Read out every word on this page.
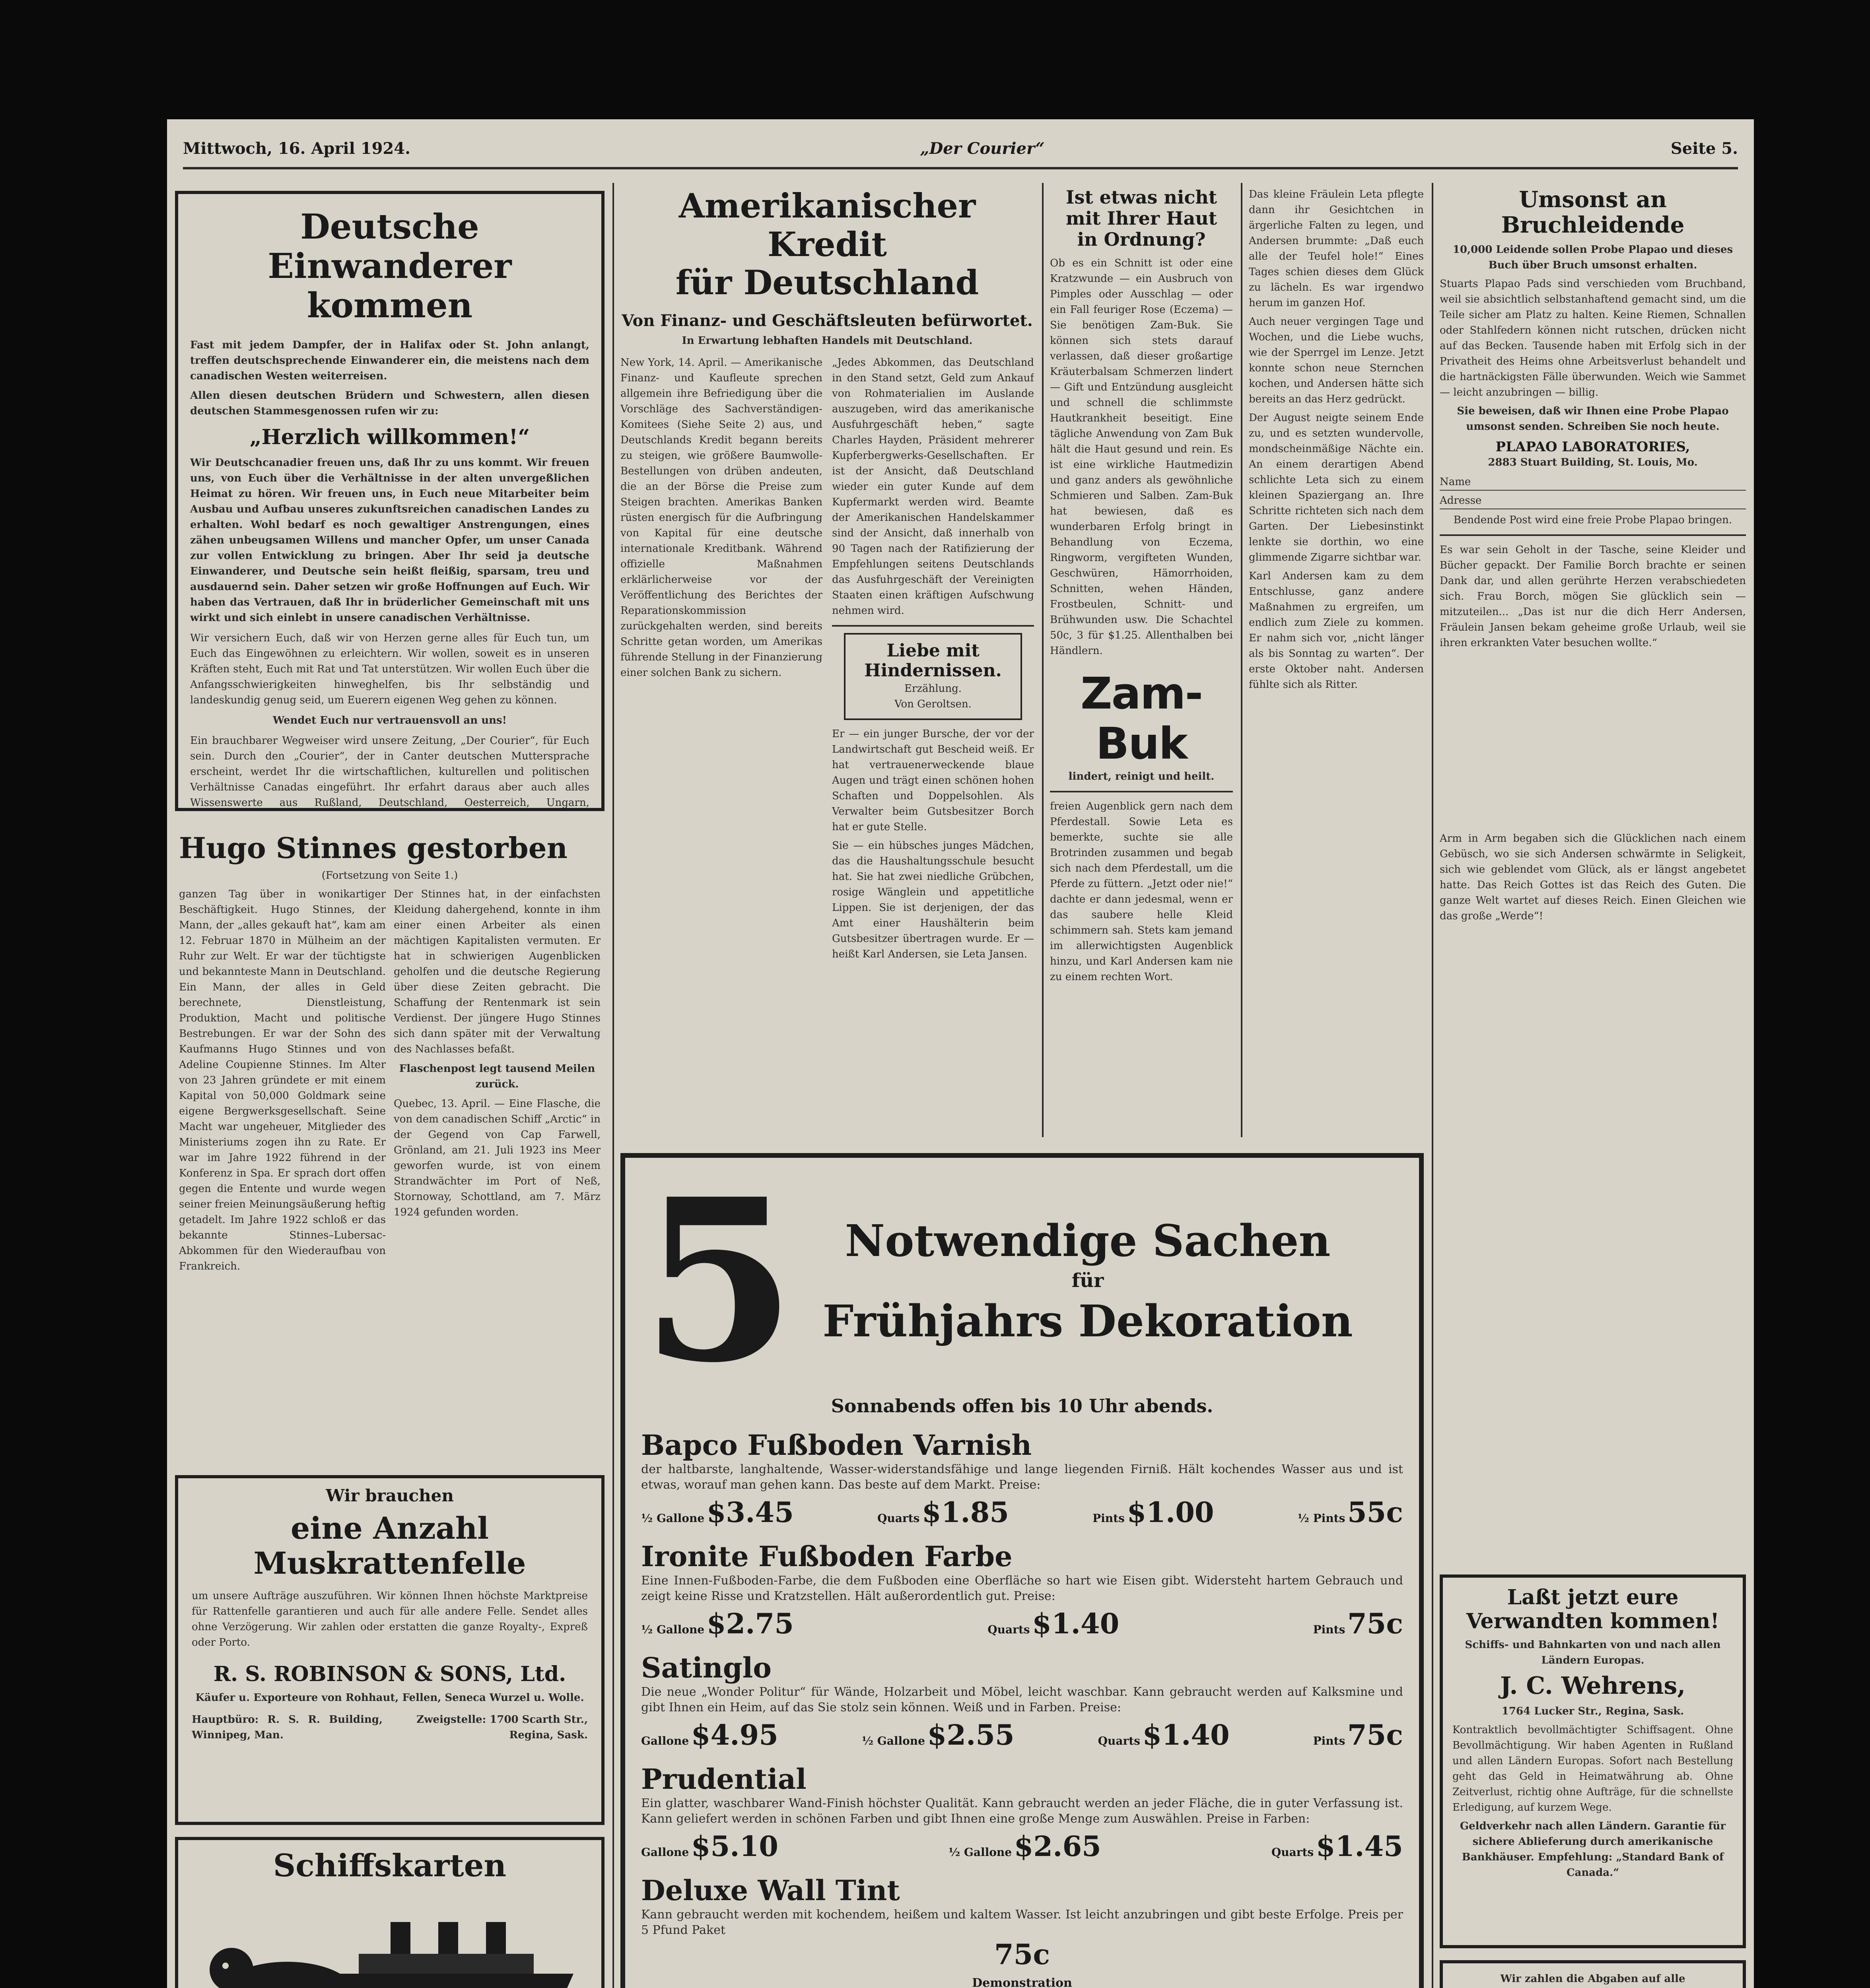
Mittwoch, 16. April 1924.	„Der Courier“	Seite 5.
Deutsche Einwanderer kommen
Fast mit jedem Dampfer, der in Halifax oder St. John anlangt, treffen deutschsprechende Einwanderer ein, die meistens nach dem canadischen Westen weiterreisen.
Allen diesen deutschen Brüdern und Schwestern, allen diesen deutschen Stammesgenossen rufen wir zu:
„Herzlich willkommen!“
Wir Deutschcanadier freuen uns, daß Ihr zu uns kommt. Wir freuen uns, von Euch über die Verhältnisse in der alten unvergeßlichen Heimat zu hören. Wir freuen uns, in Euch neue Mitarbeiter beim Ausbau und Aufbau unseres zukunftsreichen canadischen Landes zu erhalten. Wohl bedarf es noch gewaltiger Anstrengungen, eines zähen unbeugsamen Willens und mancher Opfer, um unser Canada zur vollen Entwicklung zu bringen. Aber Ihr seid ja deutsche Einwanderer, und Deutsche sein heißt fleißig, sparsam, treu und ausdauernd sein. Daher setzen wir große Hoffnungen auf Euch. Wir haben das Vertrauen, daß Ihr in brüderlicher Gemeinschaft mit uns wirkt und sich einlebt in unsere canadischen Verhältnisse.
Wir versichern Euch, daß wir von Herzen gerne alles für Euch tun, um Euch das Eingewöhnen zu erleichtern. Wir wollen, soweit es in unseren Kräften steht, Euch mit Rat und Tat unterstützen. Wir wollen Euch über die Anfangsschwierigkeiten hinweghelfen, bis Ihr selbständig und landeskundig genug seid, um Euerern eigenen Weg gehen zu können.
Wendet Euch nur vertrauensvoll an uns!
Ein brauchbarer Wegweiser wird unsere Zeitung, „Der Courier“, für Euch sein. Durch den „Courier“, der in Canter deutschen Muttersprache erscheint, werdet Ihr die wirtschaftlichen, kulturellen und politischen Verhältnisse Canadas eingeführt. Ihr erfahrt daraus aber auch alles Wissenswerte aus Rußland, Deutschland, Oesterreich, Ungarn,
Hugo Stinnes gestorben
(Fortsetzung von Seite 1.)
ganzen Tag über in wonikartiger Beschäftigkeit. Hugo Stinnes, der Mann, der „alles gekauft hat“, kam am 12. Februar 1870 in Mülheim an der Ruhr zur Welt. Er war der tüchtigste und bekannteste Mann in Deutschland. Ein Mann, der alles in Geld berechnete, Dienstleistung, Produktion, Macht und politische Bestrebungen. Er war der Sohn des Kaufmanns Hugo Stinnes und von Adeline Coupienne Stinnes. Im Alter von 23 Jahren gründete er mit einem Kapital von 50,000 Goldmark seine eigene Bergwerksgesellschaft. Seine Macht war ungeheuer, Mitglieder des Ministeriums zogen ihn zu Rate. Er war im Jahre 1922 führend in der Konferenz in Spa. Er sprach dort offen gegen die Entente und wurde wegen seiner freien Meinungsäußerung heftig getadelt. Im Jahre 1922 schloß er das bekannte Stinnes–Lubersac-Abkommen für den Wiederaufbau von Frankreich.
Der Stinnes hat, in der einfachsten Kleidung dahergehend, konnte in ihm einer einen Arbeiter als einen mächtigen Kapitalisten vermuten. Er hat in schwierigen Augenblicken geholfen und die deutsche Regierung über diese Zeiten gebracht. Die Schaffung der Rentenmark ist sein Verdienst. Der jüngere Hugo Stinnes sich dann später mit der Verwaltung des Nachlasses befaßt.
Flaschenpost legt tausend Meilen zurück.
Quebec, 13. April. — Eine Flasche, die von dem canadischen Schiff „Arctic“ in der Gegend von Cap Farwell, Grönland, am 21. Juli 1923 ins Meer geworfen wurde, ist von einem Strandwächter im Port of Neß, Stornoway, Schottland, am 7. März 1924 gefunden worden.
Wir brauchen
eine Anzahl Muskrattenfelle
um unsere Aufträge auszuführen. Wir können Ihnen höchste Marktpreise für Rattenfelle garantieren und auch für alle andere Felle. Sendet alles ohne Verzögerung. Wir zahlen oder erstatten die ganze Royalty-, Expreß oder Porto.
R. S. ROBINSON & SONS, Ltd.
Käufer u. Exporteure von Rohhaut, Fellen, Seneca Wurzel u. Wolle.
Hauptbüro: R. S. R. Building, Winnipeg, Man.
Zweigstelle: 1700 Scarth Str., Regina, Sask.
Schiffskarten
Amerikanischer Kredit
für Deutschland
Von Finanz- und Geschäftsleuten befürwortet.
In Erwartung lebhaften Handels mit Deutschland.
New York, 14. April. — Amerikanische Finanz- und Kaufleute sprechen allgemein ihre Befriedigung über die Vorschläge des Sachverständigen-Komitees (Siehe Seite 2) aus, und Deutschlands Kredit begann bereits zu steigen, wie größere Baumwolle-Bestellungen von drüben andeuten, die an der Börse die Preise zum Steigen brachten. Amerikas Banken rüsten energisch für die Aufbringung von Kapital für eine deutsche internationale Kreditbank. Während offizielle Maßnahmen erklärlicherweise vor der Veröffentlichung des Berichtes der Reparationskommission zurückgehalten werden, sind bereits Schritte getan worden, um Amerikas führende Stellung in der Finanzierung einer solchen Bank zu sichern.
„Jedes Abkommen, das Deutschland in den Stand setzt, Geld zum Ankauf von Rohmaterialien im Auslande auszugeben, wird das amerikanische Ausfuhrgeschäft heben,“ sagte Charles Hayden, Präsident mehrerer Kupferbergwerks-Gesellschaften. Er ist der Ansicht, daß Deutschland wieder ein guter Kunde auf dem Kupfermarkt werden wird. Beamte der Amerikanischen Handelskammer sind der Ansicht, daß innerhalb von 90 Tagen nach der Ratifizierung der Empfehlungen seitens Deutschlands das Ausfuhrgeschäft der Vereinigten Staaten einen kräftigen Aufschwung nehmen wird.
Liebe mit Hindernissen.
Erzählung.
Von Geroltsen.
Er — ein junger Bursche, der vor der Landwirtschaft gut Bescheid weiß. Er hat vertrauenerweckende blaue Augen und trägt einen schönen hohen Schaften und Doppelsohlen. Als Verwalter beim Gutsbesitzer Borch hat er gute Stelle.
Sie — ein hübsches junges Mädchen, das die Haushaltungsschule besucht hat. Sie hat zwei niedliche Grübchen, rosige Wänglein und appetitliche Lippen. Sie ist derjenigen, der das Amt einer Haushälterin beim Gutsbesitzer übertragen wurde. Er — heißt Karl Andersen, sie Leta Jansen.
Ist etwas nicht
mit Ihrer Haut
in Ordnung?
Ob es ein Schnitt ist oder eine Kratzwunde — ein Ausbruch von Pimples oder Ausschlag — oder ein Fall feuriger Rose (Eczema) — Sie benötigen Zam-Buk. Sie können sich stets darauf verlassen, daß dieser großartige Kräuterbalsam Schmerzen lindert — Gift und Entzündung ausgleicht und schnell die schlimmste Hautkrankheit beseitigt. Eine tägliche Anwendung von Zam Buk hält die Haut gesund und rein. Es ist eine wirkliche Hautmedizin und ganz anders als gewöhnliche Schmieren und Salben. Zam-Buk hat bewiesen, daß es wunderbaren Erfolg bringt in Behandlung von Eczema, Ringworm, vergifteten Wunden, Geschwüren, Hämorrhoiden, Schnitten, wehen Händen, Frostbeulen, Schnitt- und Brühwunden usw. Die Schachtel 50c, 3 für $1.25. Allenthalben bei Händlern.
Zam-Buk
lindert, reinigt und heilt.
freien Augenblick gern nach dem Pferdestall. Sowie Leta es bemerkte, suchte sie alle Brotrinden zusammen und begab sich nach dem Pferdestall, um die Pferde zu füttern. „Jetzt oder nie!“ dachte er dann jedesmal, wenn er das saubere helle Kleid schimmern sah. Stets kam jemand im allerwichtigsten Augenblick hinzu, und Karl Andersen kam nie zu einem rechten Wort.
Das kleine Fräulein Leta pflegte dann ihr Gesichtchen in ärgerliche Falten zu legen, und Andersen brummte: „Daß euch alle der Teufel hole!“ Eines Tages schien dieses dem Glück zu lächeln. Es war irgendwo herum im ganzen Hof.
Auch neuer vergingen Tage und Wochen, und die Liebe wuchs, wie der Sperrgel im Lenze. Jetzt konnte schon neue Sternchen kochen, und Andersen hätte sich bereits an das Herz gedrückt.
Der August neigte seinem Ende zu, und es setzten wundervolle, mondscheinmäßige Nächte ein. An einem derartigen Abend schlichte Leta sich zu einem kleinen Spaziergang an. Ihre Schritte richteten sich nach dem Garten. Der Liebesinstinkt lenkte sie dorthin, wo eine glimmende Zigarre sichtbar war.
Karl Andersen kam zu dem Entschlusse, ganz andere Maßnahmen zu ergreifen, um endlich zum Ziele zu kommen. Er nahm sich vor, „nicht länger als bis Sonntag zu warten“. Der erste Oktober naht. Andersen fühlte sich als Ritter.
5	Notwendige Sachen
für
Frühjahrs Dekoration
Sonnabends offen bis 10 Uhr abends.
Bapco Fußboden Varnish
der haltbarste, langhaltende, Wasser-widerstandsfähige und lange liegenden Firniß. Hält kochendes Wasser aus und ist etwas, worauf man gehen kann. Das beste auf dem Markt. Preise:
½ Gallone $3.45	Quarts $1.85	Pints $1.00	½ Pints 55c
Ironite Fußboden Farbe
Eine Innen-Fußboden-Farbe, die dem Fußboden eine Oberfläche so hart wie Eisen gibt. Widersteht hartem Gebrauch und zeigt keine Risse und Kratzstellen. Hält außerordentlich gut. Preise:
½ Gallone $2.75	Quarts $1.40	Pints 75c
Satinglo
Die neue „Wonder Politur“ für Wände, Holzarbeit und Möbel, leicht waschbar. Kann gebraucht werden auf Kalksmine und gibt Ihnen ein Heim, auf das Sie stolz sein können. Weiß und in Farben. Preise:
Gallone $4.95	½ Gallone $2.55	Quarts $1.40	Pints 75c
Prudential
Ein glatter, waschbarer Wand-Finish höchster Qualität. Kann gebraucht werden an jeder Fläche, die in guter Verfassung ist. Kann geliefert werden in schönen Farben und gibt Ihnen eine große Menge zum Auswählen. Preise in Farben:
Gallone $5.10	½ Gallone $2.65	Quarts $1.45
Deluxe Wall Tint
Kann gebraucht werden mit kochendem, heißem und kaltem Wasser. Ist leicht anzubringen und gibt beste Erfolge. Preis per 5 Pfund Paket
75c
Demonstration
Umsonst an
Bruchleidende
10,000 Leidende sollen Probe Plapao und dieses Buch über Bruch umsonst erhalten.
Stuarts Plapao Pads sind verschieden vom Bruchband, weil sie absichtlich selbstanhaftend gemacht sind, um die Teile sicher am Platz zu halten. Keine Riemen, Schnallen oder Stahlfedern können nicht rutschen, drücken nicht auf das Becken. Tausende haben mit Erfolg sich in der Privatheit des Heims ohne Arbeitsverlust behandelt und die hartnäckigsten Fälle überwunden. Weich wie Sammet — leicht anzubringen — billig.
Sie beweisen, daß wir Ihnen eine Probe Plapao umsonst senden. Schreiben Sie noch heute.
PLAPAO LABORATORIES,
2883 Stuart Building, St. Louis, Mo.
Name
Adresse
Bendende Post wird eine freie Probe Plapao bringen.
Es war sein Geholt in der Tasche, seine Kleider und Bücher gepackt. Der Familie Borch brachte er seinen Dank dar, und allen gerührte Herzen verabschiedeten sich. Frau Borch, mögen Sie glücklich sein — mitzuteilen... „Das ist nur die dich Herr Andersen, Fräulein Jansen bekam geheime große Urlaub, weil sie ihren erkrankten Vater besuchen wollte.“
Arm in Arm begaben sich die Glücklichen nach einem Gebüsch, wo sie sich Andersen schwärmte in Seligkeit, sich wie geblendet vom Glück, als er längst angebetet hatte. Das Reich Gottes ist das Reich des Guten. Die ganze Welt wartet auf dieses Reich. Einen Gleichen wie das große „Werde“!
Laßt jetzt eure
Verwandten kommen!
Schiffs- und Bahnkarten von und nach allen Ländern Europas.
J. C. Wehrens,
1764 Lucker Str., Regina, Sask.
Kontraktlich bevollmächtigter Schiffsagent. Ohne Bevollmächtigung. Wir haben Agenten in Rußland und allen Ländern Europas. Sofort nach Bestellung geht das Geld in Heimatwährung ab. Ohne Zeitverlust, richtig ohne Aufträge, für die schnellste Erledigung, auf kurzem Wege.
Geldverkehr nach allen Ländern. Garantie für sichere Ablieferung durch amerikanische Bankhäuser. Empfehlung: „Standard Bank of Canada.“
Wir zahlen die Abgaben auf alle
